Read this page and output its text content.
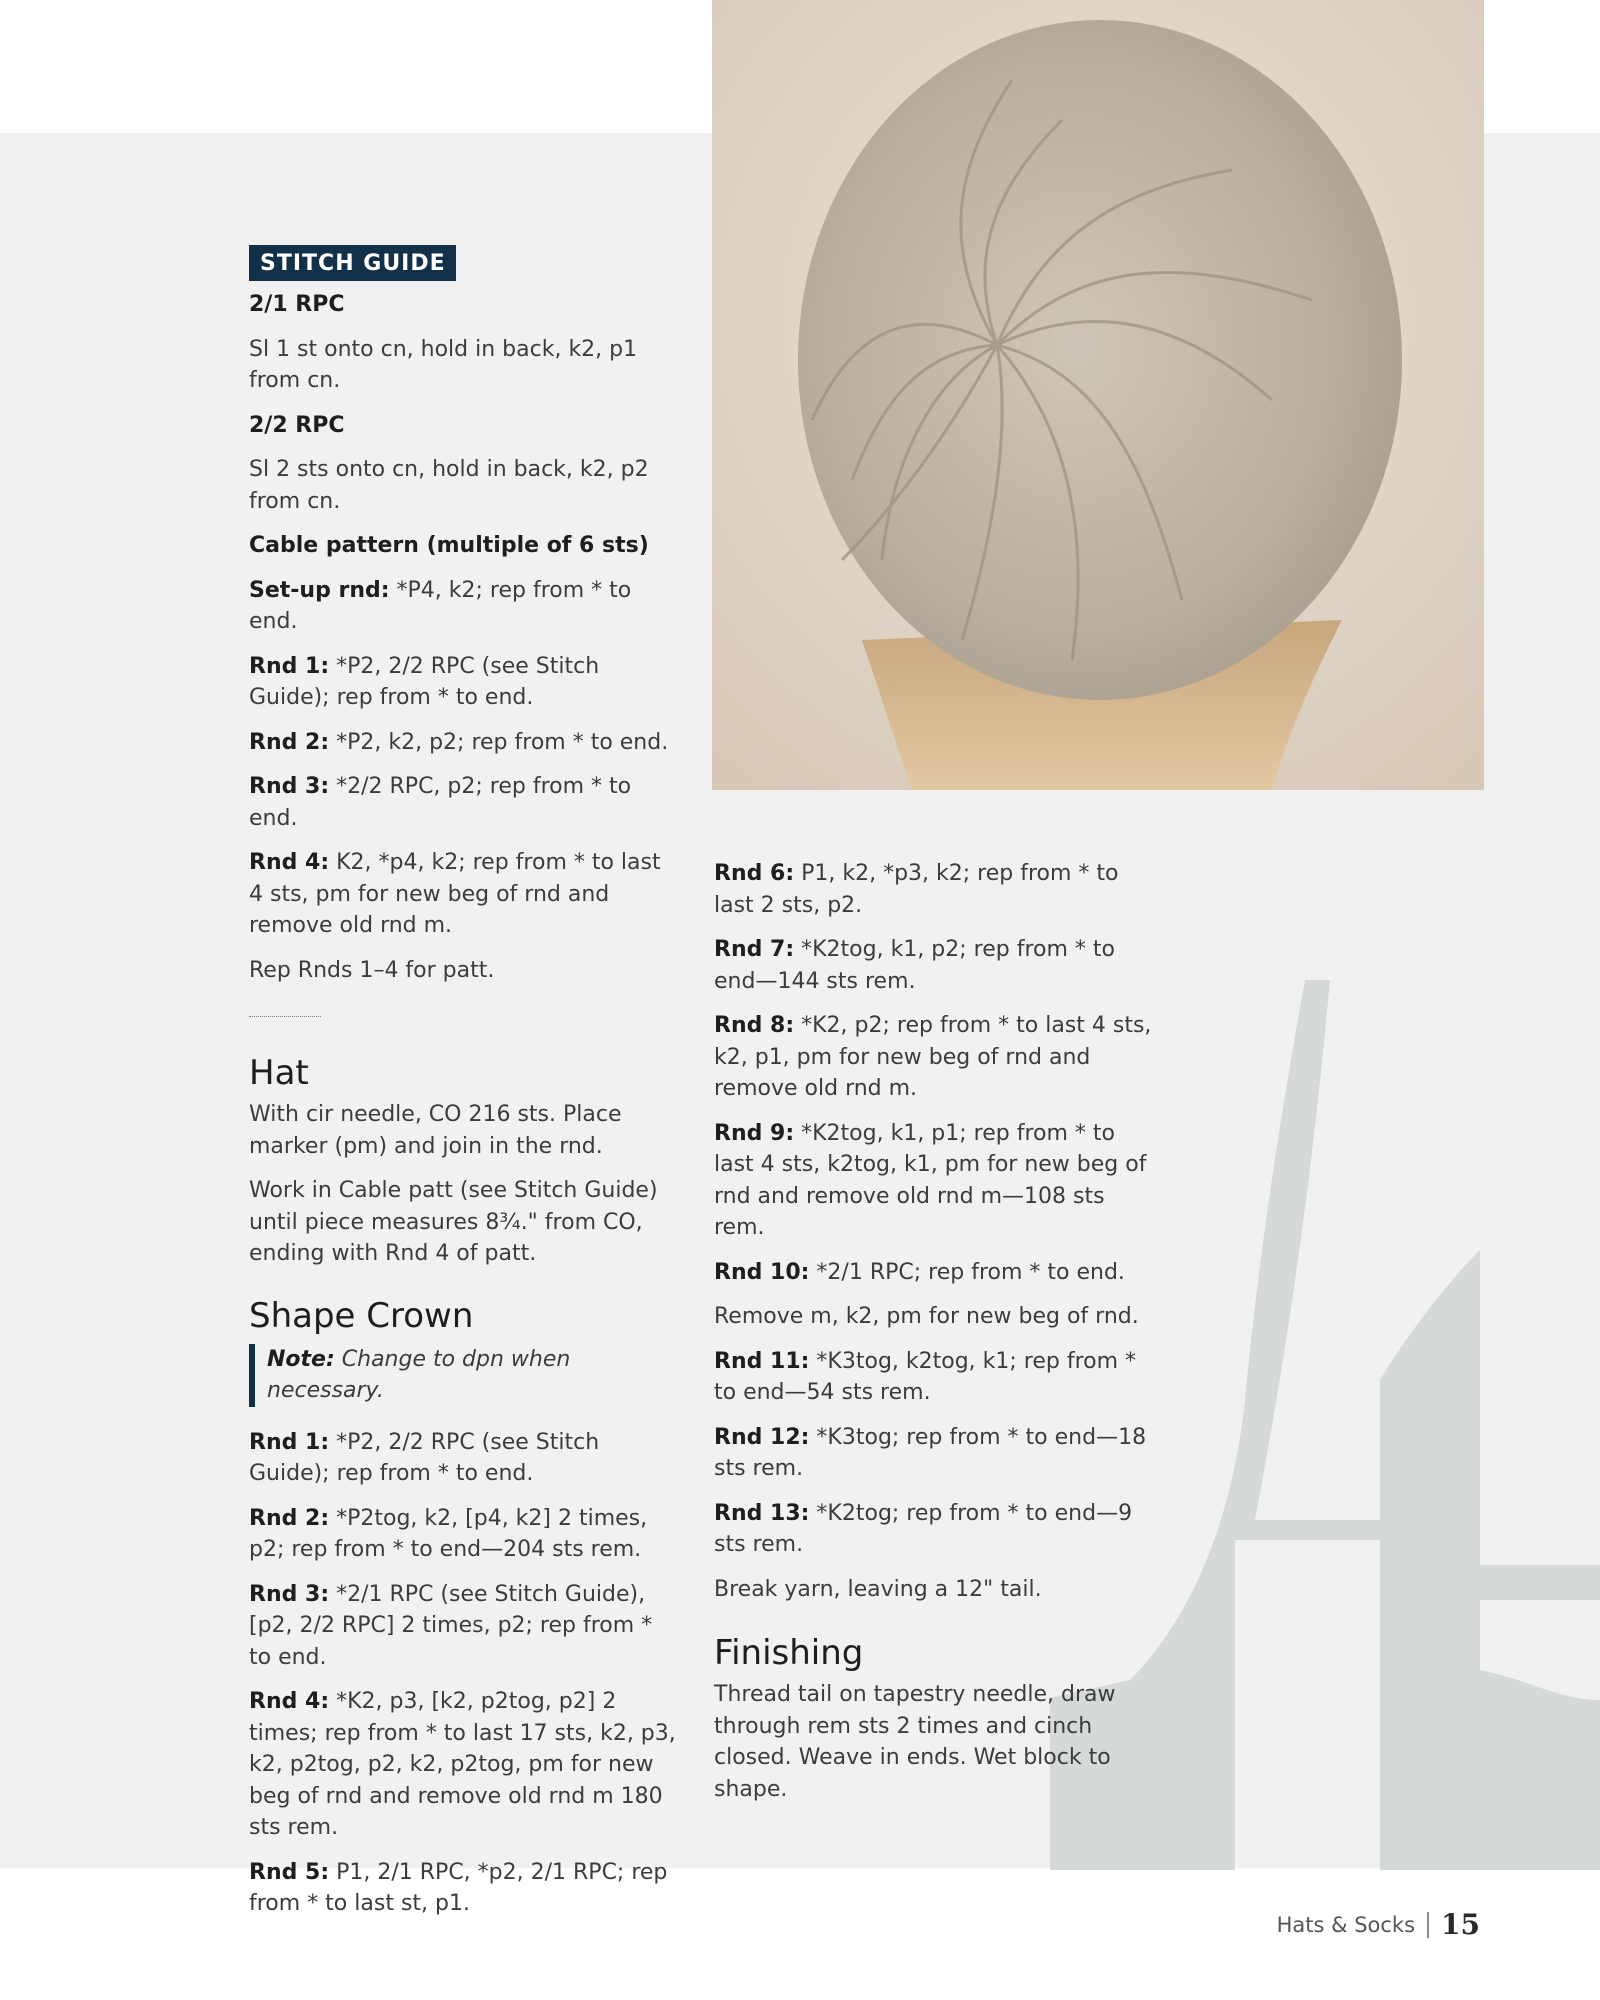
STITCH GUIDE

2/1 RPC

Sl 1 st onto cn, hold in back, k2, p1 from cn.

2/2 RPC

Sl 2 sts onto cn, hold in back, k2, p2 from cn.

Cable pattern (multiple of 6 sts)

Set-up rnd: *P4, k2; rep from * to end.

Rnd 1: *P2, 2/2 RPC (see Stitch Guide); rep from * to end.

Rnd 2: *P2, k2, p2; rep from * to end.

Rnd 3: *2/2 RPC, p2; rep from * to end.

Rnd 4: K2, *p4, k2; rep from * to last 4 sts, pm for new beg of rnd and remove old rnd m.

Rep Rnds 1–4 for patt.

Hat

With cir needle, CO 216 sts. Place marker (pm) and join in the rnd.

Work in Cable patt (see Stitch Guide) until piece measures 8¾." from CO, ending with Rnd 4 of patt.

Shape Crown

Note: Change to dpn when necessary.

Rnd 1: *P2, 2/2 RPC (see Stitch Guide); rep from * to end.

Rnd 2: *P2tog, k2, [p4, k2] 2 times, p2; rep from * to end—204 sts rem.

Rnd 3: *2/1 RPC (see Stitch Guide), [p2, 2/2 RPC] 2 times, p2; rep from * to end.

Rnd 4: *K2, p3, [k2, p2tog, p2] 2 times; rep from * to last 17 sts, k2, p3, k2, p2tog, p2, k2, p2tog, pm for new beg of rnd and remove old rnd m 180 sts rem.

Rnd 5: P1, 2/1 RPC, *p2, 2/1 RPC; rep from * to last st, p1.

Rnd 6: P1, k2, *p3, k2; rep from * to last 2 sts, p2.

Rnd 7: *K2tog, k1, p2; rep from * to end—144 sts rem.

Rnd 8: *K2, p2; rep from * to last 4 sts, k2, p1, pm for new beg of rnd and remove old rnd m.

Rnd 9: *K2tog, k1, p1; rep from * to last 4 sts, k2tog, k1, pm for new beg of rnd and remove old rnd m—108 sts rem.

Rnd 10: *2/1 RPC; rep from * to end.

Remove m, k2, pm for new beg of rnd.

Rnd 11: *K3tog, k2tog, k1; rep from * to end—54 sts rem.

Rnd 12: *K3tog; rep from * to end—18 sts rem.

Rnd 13: *K2tog; rep from * to end—9 sts rem.

Break yarn, leaving a 12" tail.

Finishing

Thread tail on tapestry needle, draw through rem sts 2 times and cinch closed. Weave in ends. Wet block to shape.

Hats & Socks 15
